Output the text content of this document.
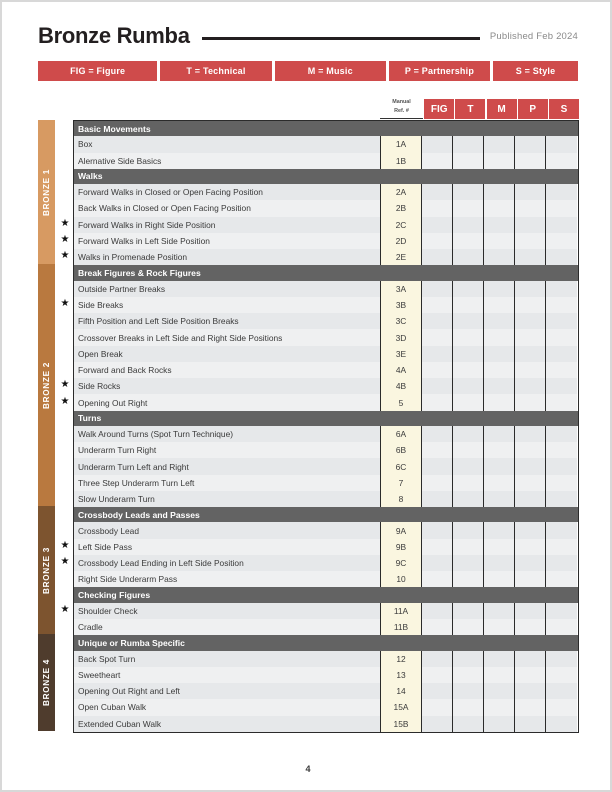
Bronze Rumba	Published Feb 2024
FIG = Figure	T = Technical	M = Music	P = Partnership	S = Style
Manual
Ref. #	FIG	T	M	P	S
BRONZE 1
BRONZE 2
BRONZE 3
BRONZE 4
★
★
★
★
★
★
★
★
★
Basic Movements
Box	1A
Alernative Side Basics	1B
Walks
Forward Walks in Closed or Open Facing Position	2A
Back Walks in Closed or Open Facing Position	2B
Forward Walks in Right Side Position	2C
Forward Walks in Left Side Position	2D
Walks in Promenade Position	2E
Break Figures & Rock Figures
Outside Partner Breaks	3A
Side Breaks	3B
Fifth Position and Left Side Position Breaks	3C
Crossover Breaks in Left Side and Right Side Positions	3D
Open Break	3E
Forward and Back Rocks	4A
Side Rocks	4B
Opening Out Right	5
Turns
Walk Around Turns (Spot Turn Technique)	6A
Underarm Turn Right	6B
Underarm Turn Left and Right	6C
Three Step Underarm Turn Left	7
Slow Underarm Turn	8
Crossbody Leads and Passes
Crossbody Lead	9A
Left Side Pass	9B
Crossbody Lead Ending in Left Side Position	9C
Right Side Underarm Pass	10
Checking Figures
Shoulder Check	11A
Cradle	11B
Unique or Rumba Specific
Back Spot Turn	12
Sweetheart	13
Opening Out Right and Left	14
Open Cuban Walk	15A
Extended Cuban Walk	15B
4
